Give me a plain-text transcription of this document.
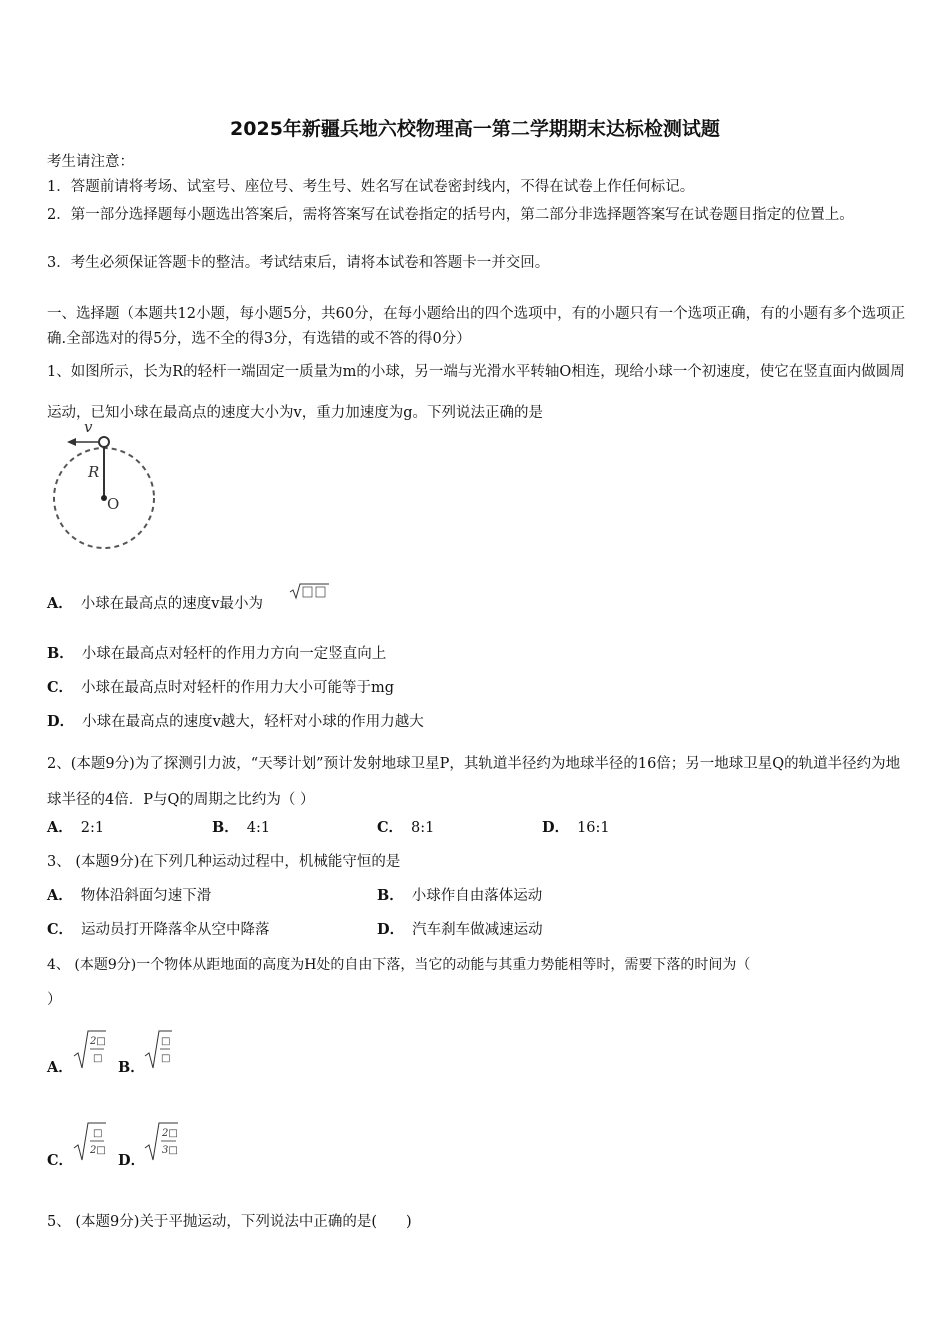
2025年新疆兵地六校物理高一第二学期期末达标检测试题
考生请注意：
1．答题前请将考场、试室号、座位号、考生号、姓名写在试卷密封线内，不得在试卷上作任何标记。
2．第一部分选择题每小题选出答案后，需将答案写在试卷指定的括号内，第二部分非选择题答案写在试卷题目指定的位置上。
3．考生必须保证答题卡的整洁。考试结束后，请将本试卷和答题卡一并交回。
一、选择题（本题共12小题，每小题5分，共60分，在每小题给出的四个选项中，有的小题只有一个选项正确，有的小题有多个选项正确.全部选对的得5分，选不全的得3分，有选错的或不答的得0分）
1、如图所示，长为R的轻杆一端固定一质量为m的小球，另一端与光滑水平转轴O相连，现给小球一个初速度，使它在竖直面内做圆周运动，已知小球在最高点的速度大小为v，重力加速度为g。下列说法正确的是
v
R
O
A． 小球在最高点的速度v最小为
B． 小球在最高点对轻杆的作用力方向一定竖直向上
C． 小球在最高点时对轻杆的作用力大小可能等于mg
D． 小球在最高点的速度v越大，轻杆对小球的作用力越大
2、(本题9分)为了探测引力波，“天琴计划”预计发射地球卫星P，其轨道半径约为地球半径的16倍；另一地球卫星Q的轨道半径约为地球半径的4倍．P与Q的周期之比约为（ ）
A． 2:1	B． 4:1	C． 8:1	D． 16:1
3、 (本题9分)在下列几种运动过程中，机械能守恒的是
A． 物体沿斜面匀速下滑	B． 小球作自由落体运动
C． 运动员打开降落伞从空中降落	D． 汽车刹车做减速运动
4、 (本题9分)一个物体从距地面的高度为H处的自由下落，当它的动能与其重力势能相等时，需要下落的时间为（
）
A．
2□
□
B．
□
□
C．
□
2□
D．
2□
3□
5、 (本题9分)关于平抛运动，下列说法中正确的是(　　)
